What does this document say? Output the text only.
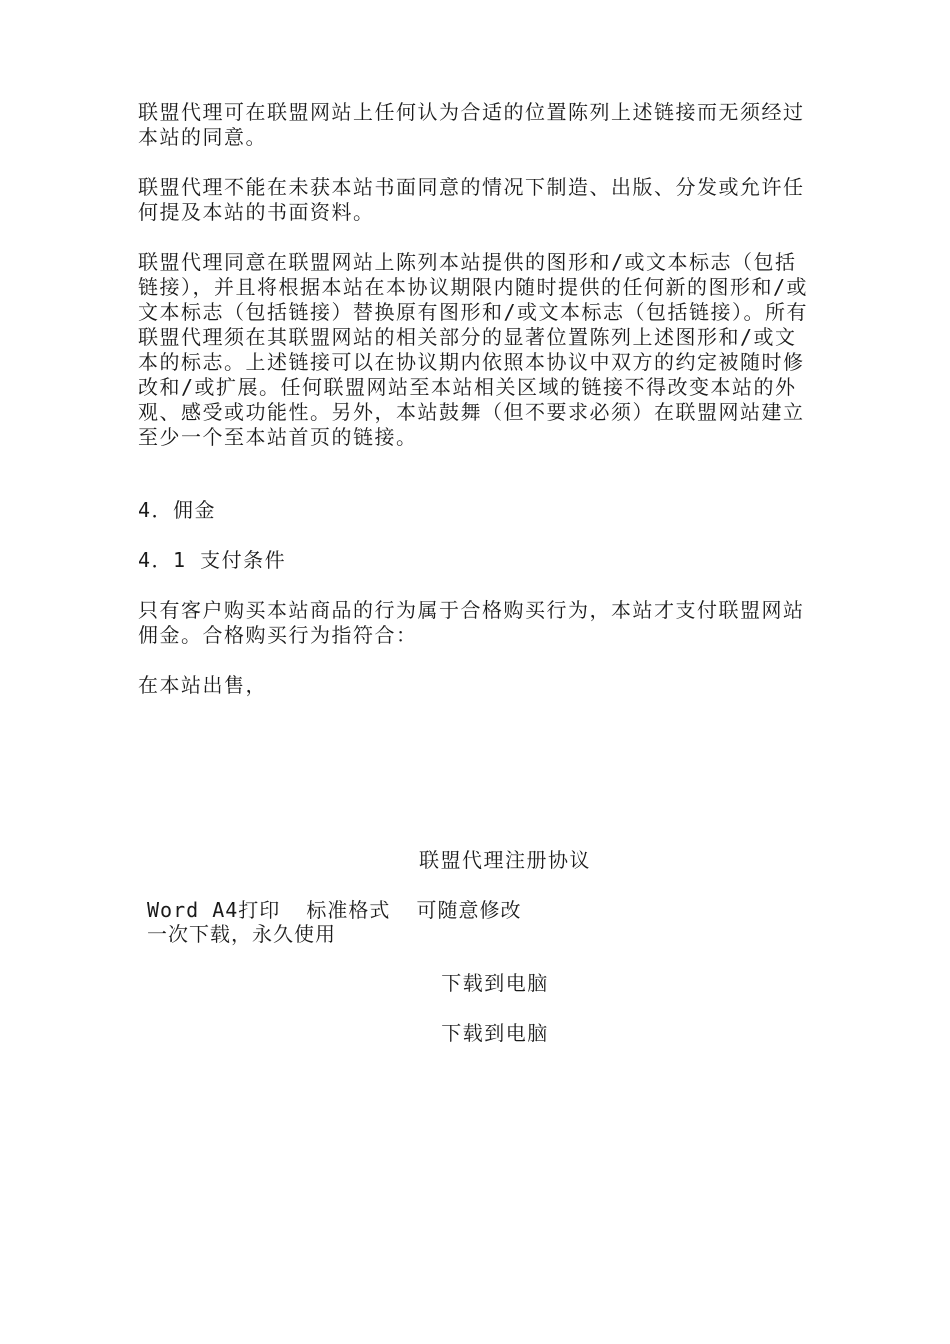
联盟代理可在联盟网站上任何认为合适的位置陈列上述链接而无须经过本站的同意。

联盟代理不能在未获本站书面同意的情况下制造、出版、分发或允许任何提及本站的书面资料。

联盟代理同意在联盟网站上陈列本站提供的图形和/或文本标志（包括链接），并且将根据本站在本协议期限内随时提供的任何新的图形和/或文本标志（包括链接）替换原有图形和/或文本标志（包括链接）。所有联盟代理须在其联盟网站的相关部分的显著位置陈列上述图形和/或文本的标志。上述链接可以在协议期内依照本协议中双方的约定被随时修改和/或扩展。任何联盟网站至本站相关区域的链接不得改变本站的外观、感受或功能性。另外，本站鼓舞（但不要求必须）在联盟网站建立至少一个至本站首页的链接。

4．佣金

4．1 支付条件

只有客户购买本站商品的行为属于合格购买行为，本站才支付联盟网站佣金。合格购买行为指符合：

在本站出售，

联盟代理注册协议
Word A4打印  标准格式  可随意修改
一次下载，永久使用
下载到电脑
下载到电脑
